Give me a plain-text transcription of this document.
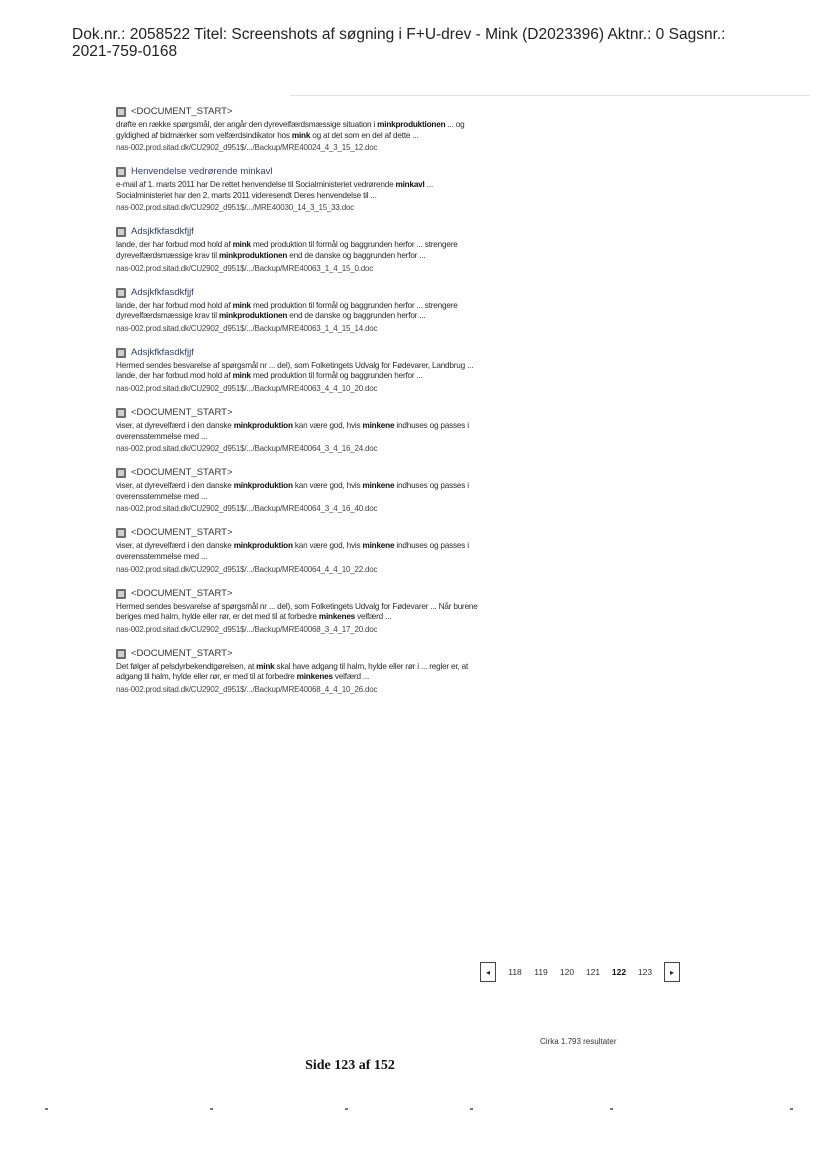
Dok.nr.: 2058522 Titel: Screenshots af søgning i F+U-drev - Mink (D2023396) Aktnr.: 0 Sagsnr.:
2021-759-0168
<DOCUMENT_START>
drøfte en række spørgsmål, der angår den dyrevelfærdsmæssige situation i minkproduktionen ... og gyldighed af bidmærker som velfærdsindikator hos mink og at det som en del af dette ...
nas-002.prod.sitad.dk/CU2902_d951$/.../Backup/MRE40024_4_3_15_12.doc
Henvendelse vedrørende minkavl
e-mail af 1. marts 2011 har De rettet henvendelse til Socialministeriet vedrørende minkavl ... Socialministeriet har den 2. marts 2011 videresendt Deres henvendelse til ...
nas-002.prod.sitad.dk/CU2902_d951$/.../MRE40030_14_3_15_33.doc
Adsjkfkfasdkfjjf
lande, der har forbud mod hold af mink med produktion til formål og baggrunden herfor ... strengere dyrevelfærdsmæssige krav til minkproduktionen end de danske og baggrunden herfor ...
nas-002.prod.sitad.dk/CU2902_d951$/.../Backup/MRE40063_1_4_15_0.doc
Adsjkfkfasdkfjjf
lande, der har forbud mod hold af mink med produktion til formål og baggrunden herfor ... strengere dyrevelfærdsmæssige krav til minkproduktionen end de danske og baggrunden herfor ...
nas-002.prod.sitad.dk/CU2902_d951$/.../Backup/MRE40063_1_4_15_14.doc
Adsjkfkfasdkfjjf
Hermed sendes besvarelse af spørgsmål nr ... del), som Folketingets Udvalg for Fødevarer, Landbrug ... lande, der har forbud mod hold af mink med produktion til formål og baggrunden herfor ...
nas-002.prod.sitad.dk/CU2902_d951$/.../Backup/MRE40063_4_4_10_20.doc
<DOCUMENT_START>
viser, at dyrevelfærd i den danske minkproduktion kan være god, hvis minkene indhuses og passes i overensstemmelse med ...
nas-002.prod.sitad.dk/CU2902_d951$/.../Backup/MRE40064_3_4_16_24.doc
<DOCUMENT_START>
viser, at dyrevelfærd i den danske minkproduktion kan være god, hvis minkene indhuses og passes i overensstemmelse med ...
nas-002.prod.sitad.dk/CU2902_d951$/.../Backup/MRE40064_3_4_16_40.doc
<DOCUMENT_START>
viser, at dyrevelfærd i den danske minkproduktion kan være god, hvis minkene indhuses og passes i overensstemmelse med ...
nas-002.prod.sitad.dk/CU2902_d951$/.../Backup/MRE40064_4_4_10_22.doc
<DOCUMENT_START>
Hermed sendes besvarelse af spørgsmål nr ... del), som Folketingets Udvalg for Fødevarer ... Når burene beriges med halm, hylde eller rør, er det med til at forbedre minkenes velfærd ...
nas-002.prod.sitad.dk/CU2902_d951$/.../Backup/MRE40068_3_4_17_20.doc
<DOCUMENT_START>
Det følger af pelsdyrbekendtgørelsen, at mink skal have adgang til halm, hylde eller rør i ... regler er, at adgang til halm, hylde eller rør, er med til at forbedre minkenes velfærd ...
nas-002.prod.sitad.dk/CU2902_d951$/.../Backup/MRE40068_4_4_10_26.doc
◂	118	119	120	121	122	123	▸
Cirka 1.793 resultater
Side 123 af 152
